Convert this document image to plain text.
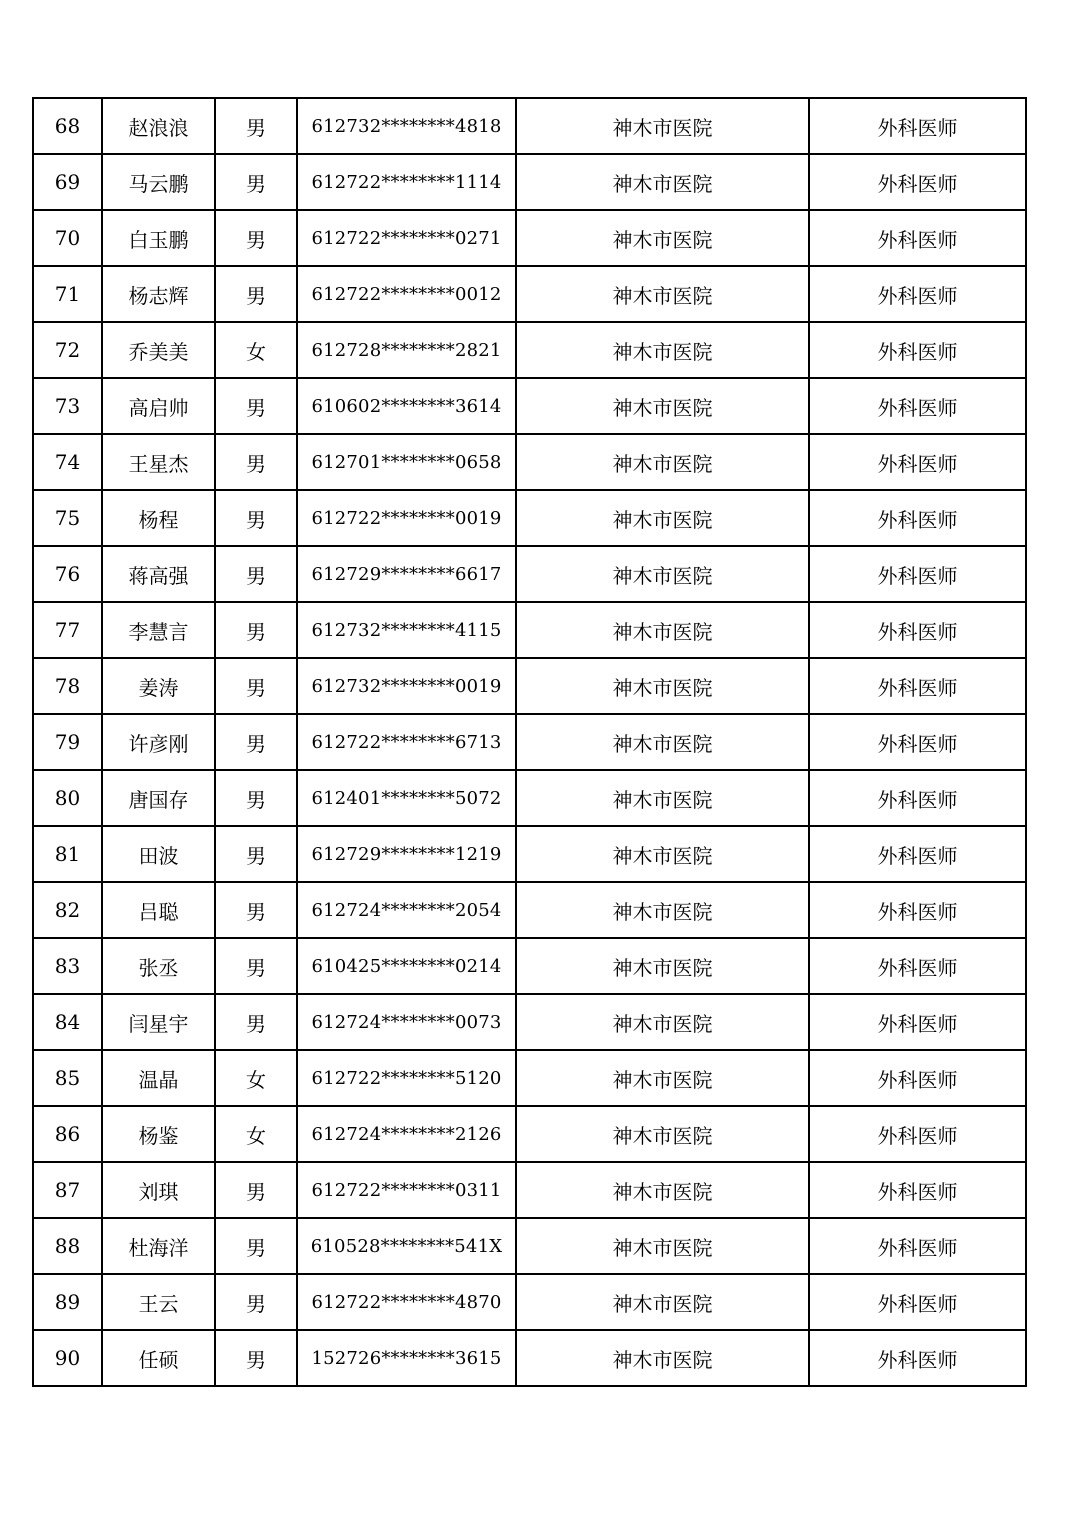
68	赵浪浪	男	612732********4818	神木市医院	外科医师
69	马云鹏	男	612722********1114	神木市医院	外科医师
70	白玉鹏	男	612722********0271	神木市医院	外科医师
71	杨志辉	男	612722********0012	神木市医院	外科医师
72	乔美美	女	612728********2821	神木市医院	外科医师
73	高启帅	男	610602********3614	神木市医院	外科医师
74	王星杰	男	612701********0658	神木市医院	外科医师
75	杨程	男	612722********0019	神木市医院	外科医师
76	蒋高强	男	612729********6617	神木市医院	外科医师
77	李慧言	男	612732********4115	神木市医院	外科医师
78	姜涛	男	612732********0019	神木市医院	外科医师
79	许彦刚	男	612722********6713	神木市医院	外科医师
80	唐国存	男	612401********5072	神木市医院	外科医师
81	田波	男	612729********1219	神木市医院	外科医师
82	吕聪	男	612724********2054	神木市医院	外科医师
83	张丞	男	610425********0214	神木市医院	外科医师
84	闫星宇	男	612724********0073	神木市医院	外科医师
85	温晶	女	612722********5120	神木市医院	外科医师
86	杨鉴	女	612724********2126	神木市医院	外科医师
87	刘琪	男	612722********0311	神木市医院	外科医师
88	杜海洋	男	610528********541X	神木市医院	外科医师
89	王云	男	612722********4870	神木市医院	外科医师
90	任硕	男	152726********3615	神木市医院	外科医师
